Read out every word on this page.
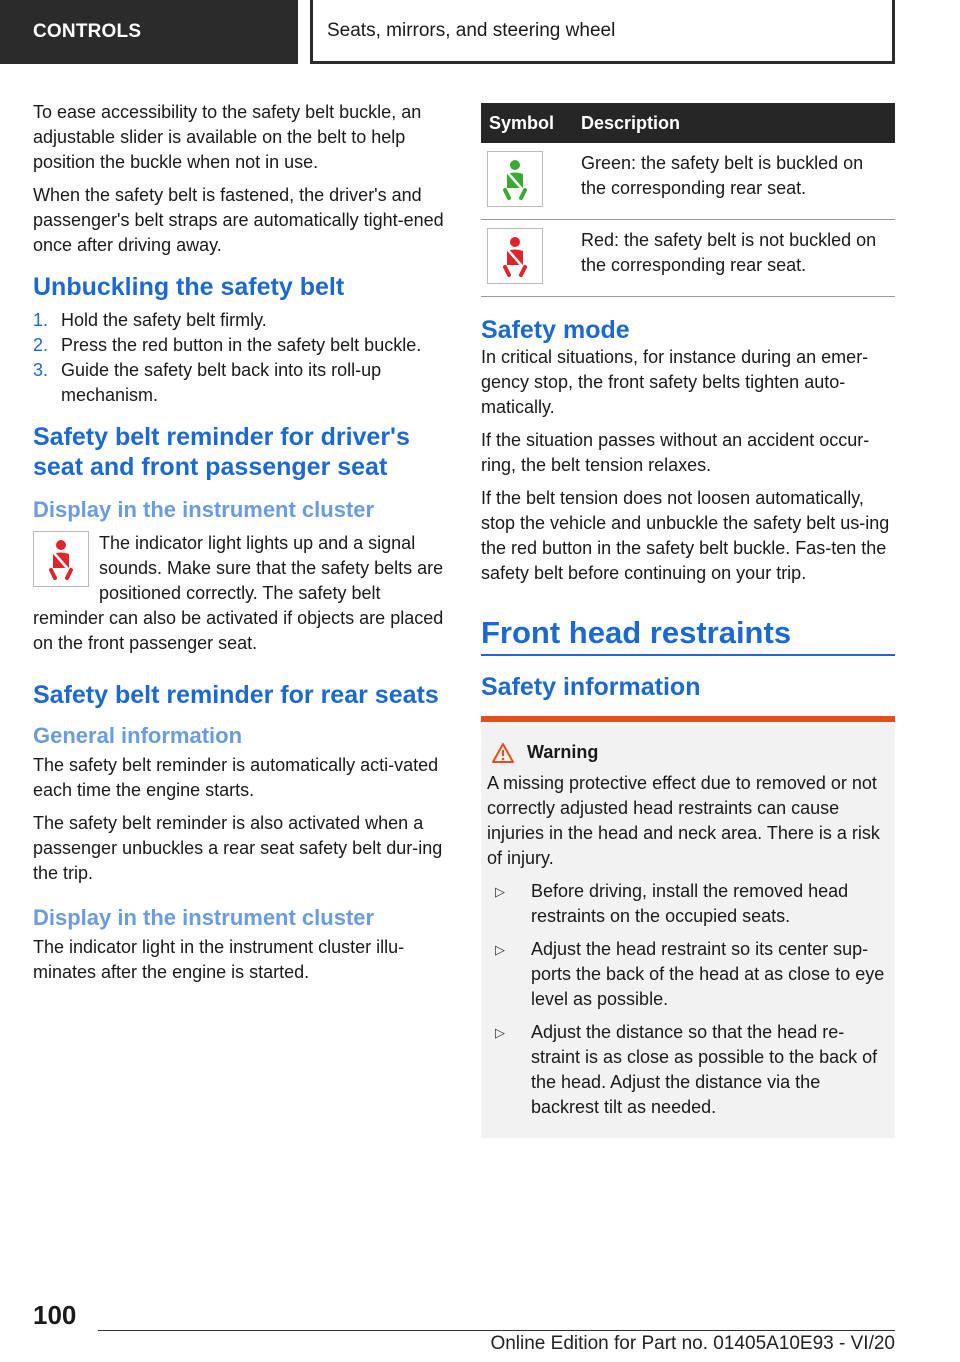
CONTROLS	Seats, mirrors, and steering wheel

To ease accessibility to the safety belt buckle, an adjustable slider is available on the belt to help position the buckle when not in use.

When the safety belt is fastened, the driver's and passenger's belt straps are automatically tight-ened once after driving away.

Unbuckling the safety belt
1. Hold the safety belt firmly.
2. Press the red button in the safety belt buckle.
3. Guide the safety belt back into its roll-up mechanism.
Safety belt reminder for driver's seat and front passenger seat
Display in the instrument cluster

The indicator light lights up and a signal sounds. Make sure that the safety belts are positioned correctly. The safety belt reminder can also be activated if objects are placed on the front passenger seat.

Safety belt reminder for rear seats
General information

The safety belt reminder is automatically acti-vated each time the engine starts.

The safety belt reminder is also activated when a passenger unbuckles a rear seat safety belt dur-ing the trip.

Display in the instrument cluster

The indicator light in the instrument cluster illu-minates after the engine is started.

Symbol	Description

	Green: the safety belt is buckled on the corresponding rear seat.

	Red: the safety belt is not buckled on the corresponding rear seat.
Safety mode

In critical situations, for instance during an emer-gency stop, the front safety belts tighten auto-matically.

If the situation passes without an accident occur-ring, the belt tension relaxes.

If the belt tension does not loosen automatically, stop the vehicle and unbuckle the safety belt us-ing the red button in the safety belt buckle. Fas-ten the safety belt before continuing on your trip.

Front head restraints
Safety information
Warning

A missing protective effect due to removed or not correctly adjusted head restraints can cause injuries in the head and neck area. There is a risk of injury.

▷	Before driving, install the removed head restraints on the occupied seats.
▷	Adjust the head restraint so its center sup-ports the back of the head at as close to eye level as possible.
▷	Adjust the distance so that the head re-straint is as close as possible to the back of the head. Adjust the distance via the backrest tilt as needed.
100
Online Edition for Part no. 01405A10E93 - VI/20
